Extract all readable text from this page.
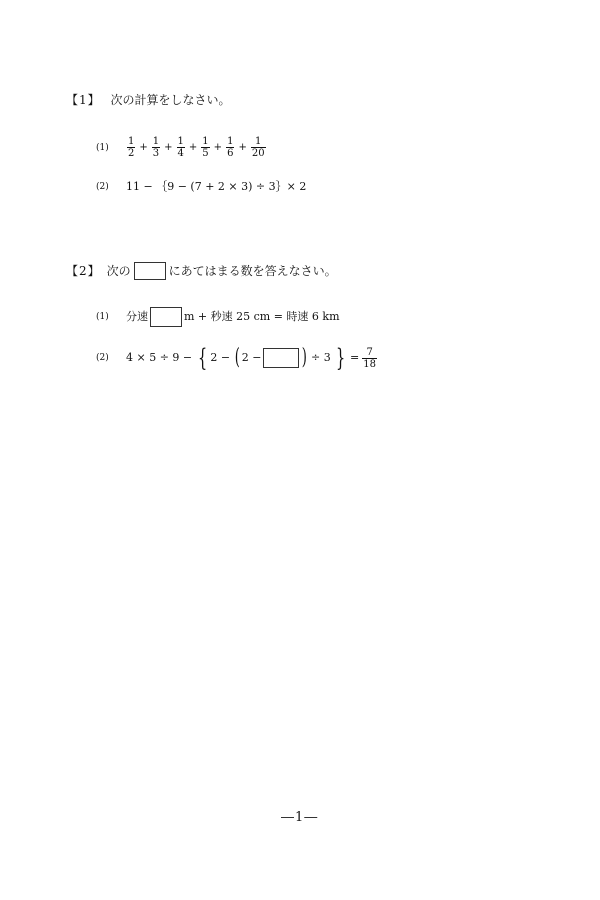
【1】 次の計算をしなさい。
(1)	$\frac{1}{2} + \frac{1}{3} + \frac{1}{4} + \frac{1}{5} + \frac{1}{6} + \frac{1}{20}$
(2)	11 − ｛9 − (7 + 2 × 3) ÷ 3｝× 2
【2】 次の	にあてはまる数を答えなさい。
(1)	分速	m + 秒速 25 cm = 時速 6 km
(2)	4 × 5 ÷ 9 − { 2 − ( 2 − ) ÷ 3 } = $\frac{7}{18}$
―1―
